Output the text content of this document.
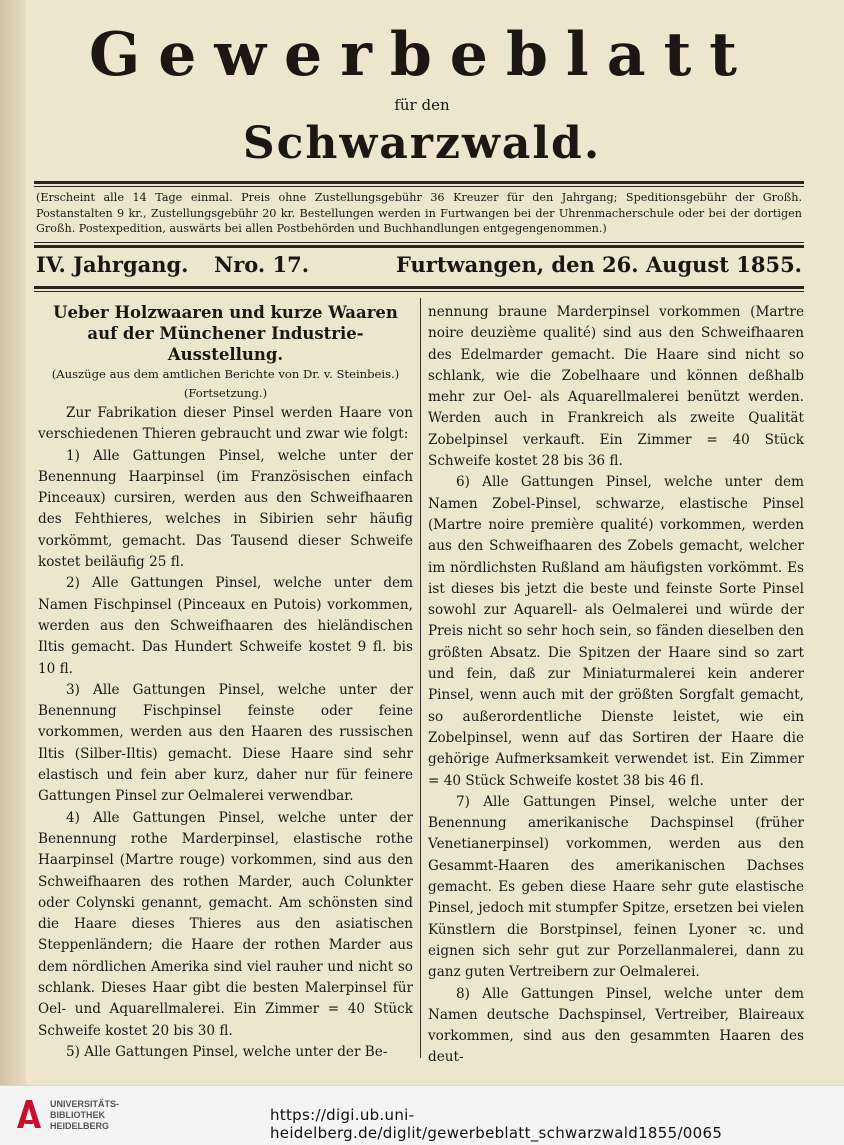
Gewerbeblatt
für den
Schwarzwald.
(Erscheint alle 14 Tage einmal. Preis ohne Zustellungsgebühr 36 Kreuzer für den Jahrgang; Speditionsgebühr der Großh. Postanstalten 9 kr., Zustellungsgebühr 20 kr. Bestellungen werden in Furtwangen bei der Uhrenmacherschule oder bei der dortigen Großh. Postexpedition, auswärts bei allen Postbehörden und Buchhandlungen entgegengenommen.)
IV. Jahrgang. Nro. 17.	Furtwangen, den 26. August 1855.

Ueber Holzwaaren und kurze Waaren auf der Münchener Industrie-Ausstellung.

(Auszüge aus dem amtlichen Berichte von Dr. v. Steinbeis.)

(Fortsetzung.)

Zur Fabrikation dieser Pinsel werden Haare von verschiedenen Thieren gebraucht und zwar wie folgt:

1) Alle Gattungen Pinsel, welche unter der Benennung Haarpinsel (im Französischen einfach Pinceaux) cursiren, werden aus den Schweifhaaren des Fehthieres, welches in Sibirien sehr häufig vorkömmt, gemacht. Das Tausend dieser Schweife kostet beiläufig 25 fl.

2) Alle Gattungen Pinsel, welche unter dem Namen Fischpinsel (Pinceaux en Putois) vorkommen, werden aus den Schweifhaaren des hieländischen Iltis gemacht. Das Hundert Schweife kostet 9 fl. bis 10 fl.

3) Alle Gattungen Pinsel, welche unter der Benennung Fischpinsel feinste oder feine vorkommen, werden aus den Haaren des russischen Iltis (Silber-Iltis) gemacht. Diese Haare sind sehr elastisch und fein aber kurz, daher nur für feinere Gattungen Pinsel zur Oelmalerei verwendbar.

4) Alle Gattungen Pinsel, welche unter der Benennung rothe Marderpinsel, elastische rothe Haarpinsel (Martre rouge) vorkommen, sind aus den Schweifhaaren des rothen Marder, auch Colunkter oder Colynski genannt, gemacht. Am schönsten sind die Haare dieses Thieres aus den asiatischen Steppenländern; die Haare der rothen Marder aus dem nördlichen Amerika sind viel rauher und nicht so schlank. Dieses Haar gibt die besten Malerpinsel für Oel- und Aquarellmalerei. Ein Zimmer = 40 Stück Schweife kostet 20 bis 30 fl.

5) Alle Gattungen Pinsel, welche unter der Be-

nennung braune Marderpinsel vorkommen (Martre noire deuzième qualité) sind aus den Schweifhaaren des Edelmarder gemacht. Die Haare sind nicht so schlank, wie die Zobelhaare und können deßhalb mehr zur Oel- als Aquarellmalerei benützt werden. Werden auch in Frankreich als zweite Qualität Zobelpinsel verkauft. Ein Zimmer = 40 Stück Schweife kostet 28 bis 36 fl.

6) Alle Gattungen Pinsel, welche unter dem Namen Zobel-Pinsel, schwarze, elastische Pinsel (Martre noire première qualité) vorkommen, werden aus den Schweifhaaren des Zobels gemacht, welcher im nördlichsten Rußland am häufigsten vorkömmt. Es ist dieses bis jetzt die beste und feinste Sorte Pinsel sowohl zur Aquarell- als Oelmalerei und würde der Preis nicht so sehr hoch sein, so fänden dieselben den größten Absatz. Die Spitzen der Haare sind so zart und fein, daß zur Miniaturmalerei kein anderer Pinsel, wenn auch mit der größten Sorgfalt gemacht, so außerordentliche Dienste leistet, wie ein Zobelpinsel, wenn auf das Sortiren der Haare die gehörige Aufmerksamkeit verwendet ist. Ein Zimmer = 40 Stück Schweife kostet 38 bis 46 fl.

7) Alle Gattungen Pinsel, welche unter der Benennung amerikanische Dachspinsel (früher Venetianerpinsel) vorkommen, werden aus den Gesammt-Haaren des amerikanischen Dachses gemacht. Es geben diese Haare sehr gute elastische Pinsel, jedoch mit stumpfer Spitze, ersetzen bei vielen Künstlern die Borstpinsel, feinen Lyoner ꝛc. und eignen sich sehr gut zur Porzellanmalerei, dann zu ganz guten Vertreibern zur Oelmalerei.

8) Alle Gattungen Pinsel, welche unter dem Namen deutsche Dachspinsel, Vertreiber, Blaireaux vorkommen, sind aus den gesammten Haaren des deut-

UNIVERSITÄTS-
BIBLIOTHEK
HEIDELBERG
https://digi.ub.uni-heidelberg.de/diglit/gewerbeblatt_schwarzwald1855/0065
